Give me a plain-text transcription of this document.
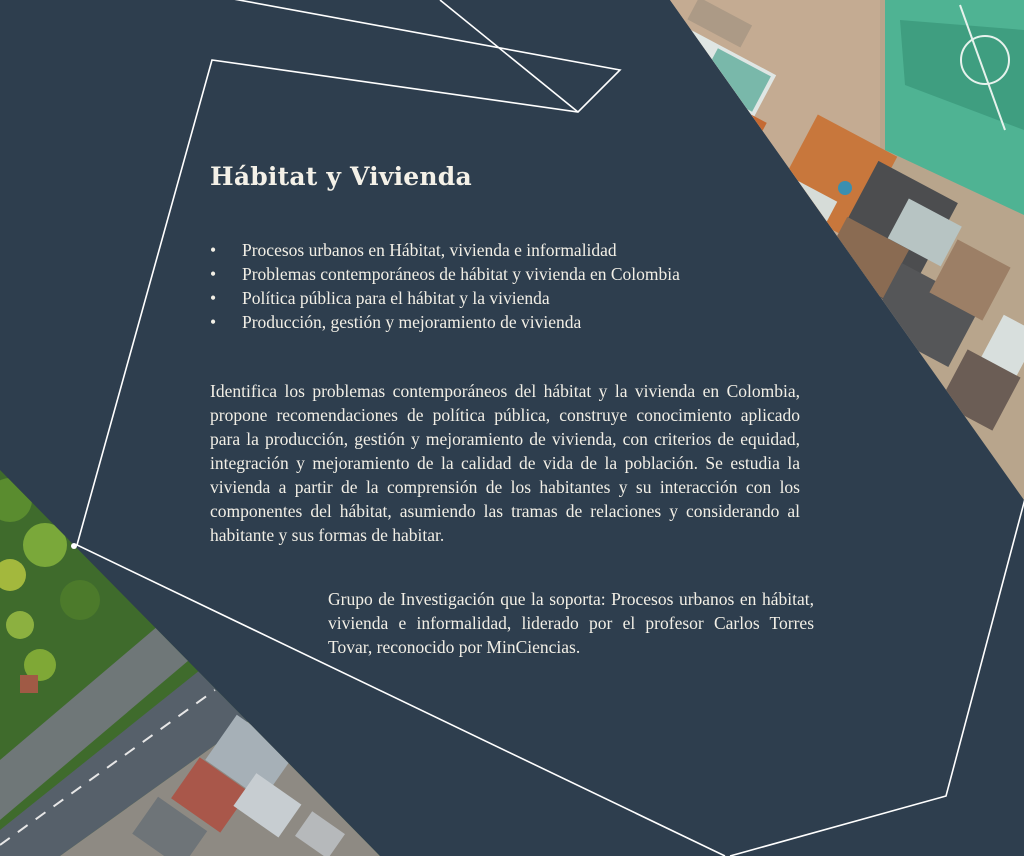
Hábitat y Vivienda
• Procesos urbanos en Hábitat, vivienda e informalidad
• Problemas contemporáneos de hábitat y vivienda en Colombia
• Política pública para el hábitat y la vivienda
• Producción, gestión y mejoramiento de vivienda

Identifica los problemas contemporáneos del hábitat y la vivienda en Colombia, propone recomendaciones de política pública, construye conocimiento aplicado para la producción, gestión y mejoramiento de vivienda, con criterios de equidad, integración y mejoramiento de la calidad de vida de la población. Se estudia la vivienda a partir de la comprensión de los habitantes y su interacción con los componentes del hábitat, asumiendo las tramas de relaciones y considerando al habitante y sus formas de habitar.

Grupo de Investigación que la soporta: Procesos urbanos en hábitat, vivienda e informalidad, liderado por el profesor Carlos Torres Tovar, reconocido por MinCiencias.
